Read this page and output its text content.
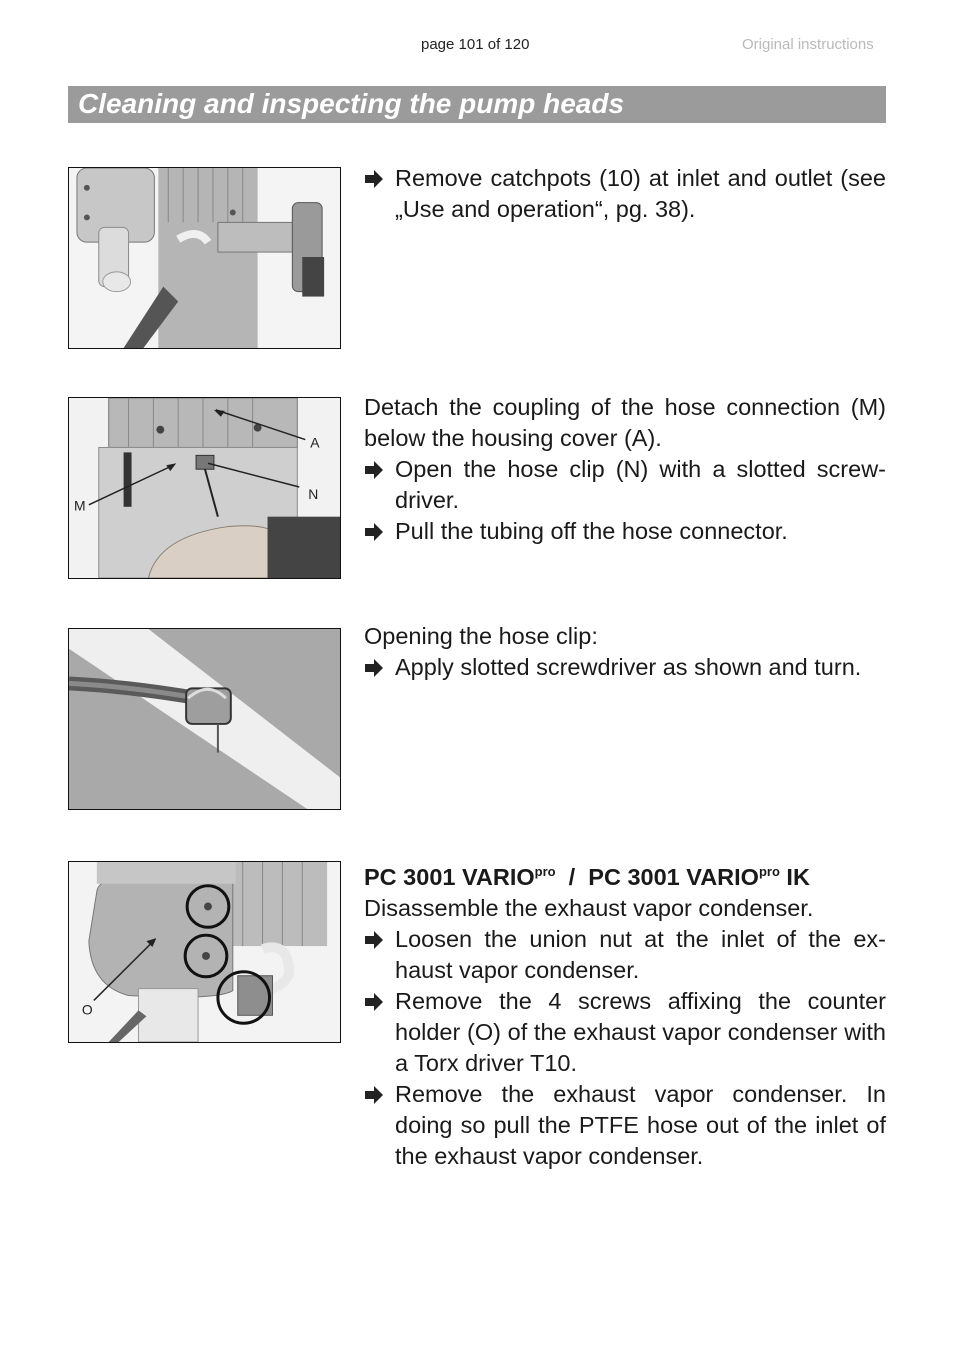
page 101 of 120	Original instructions
Cleaning and inspecting the pump heads
Remove catchpots (10) at inlet and outlet (see „Use and operation“, pg. 38).
A
N
M
Detach the coupling of the hose connection (M) below the housing cover (A).
Open the hose clip (N) with a slotted screw-driver.
Pull the tubing off the hose connector.
Opening the hose clip:
Apply slotted screwdriver as shown and turn.
O
PC 3001 $VARIO^{pro}$  /  PC 3001 $VARIO^{pro}$ IK
Disassemble the exhaust vapor condenser.
Loosen the union nut at the inlet of the ex-haust vapor condenser.
Remove the 4 screws affixing the counter holder (O) of the exhaust vapor condenser with a Torx driver T10.
Remove the exhaust vapor condenser. In doing so pull the PTFE hose out of the inlet of the exhaust vapor condenser.
